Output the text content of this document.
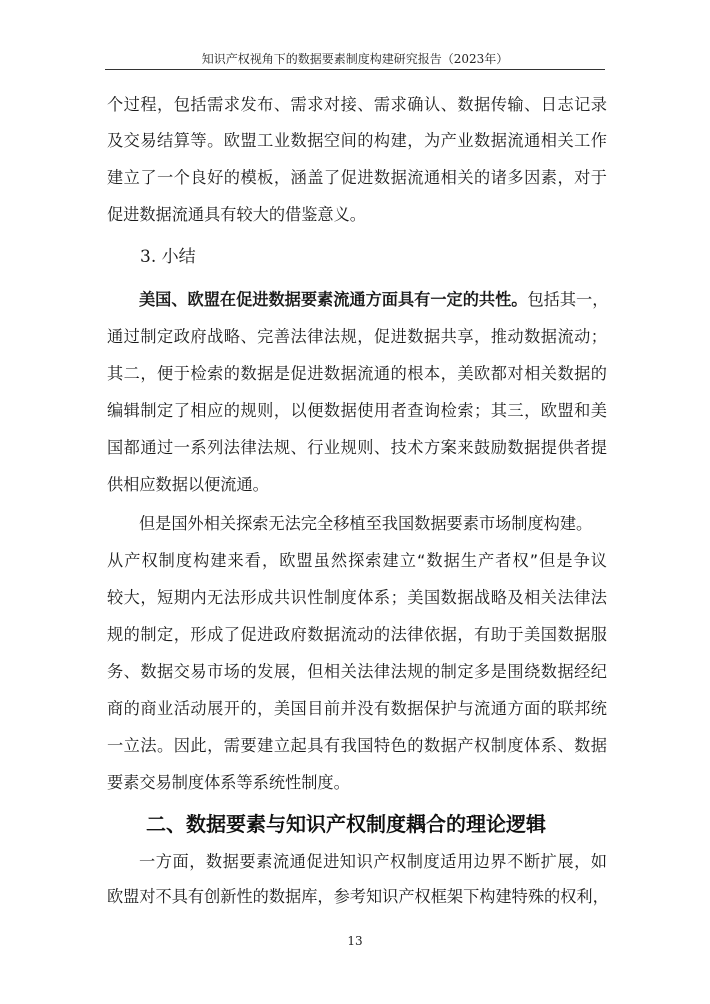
知识产权视角下的数据要素制度构建研究报告（2023年）
个过程，包括需求发布、需求对接、需求确认、数据传输、日志记录
及交易结算等。欧盟工业数据空间的构建，为产业数据流通相关工作
建立了一个良好的模板，涵盖了促进数据流通相关的诸多因素，对于
促进数据流通具有较大的借鉴意义。
3. 小结
美国、欧盟在促进数据要素流通方面具有一定的共性。包括其一，
通过制定政府战略、完善法律法规，促进数据共享，推动数据流动；
其二，便于检索的数据是促进数据流通的根本，美欧都对相关数据的
编辑制定了相应的规则，以便数据使用者查询检索；其三，欧盟和美
国都通过一系列法律法规、行业规则、技术方案来鼓励数据提供者提
供相应数据以便流通。
但是国外相关探索无法完全移植至我国数据要素市场制度构建。
从产权制度构建来看，欧盟虽然探索建立“数据生产者权”但是争议
较大，短期内无法形成共识性制度体系；美国数据战略及相关法律法
规的制定，形成了促进政府数据流动的法律依据，有助于美国数据服
务、数据交易市场的发展，但相关法律法规的制定多是围绕数据经纪
商的商业活动展开的，美国目前并没有数据保护与流通方面的联邦统
一立法。因此，需要建立起具有我国特色的数据产权制度体系、数据
要素交易制度体系等系统性制度。
二、数据要素与知识产权制度耦合的理论逻辑
一方面，数据要素流通促进知识产权制度适用边界不断扩展，如
欧盟对不具有创新性的数据库，参考知识产权框架下构建特殊的权利，
13
